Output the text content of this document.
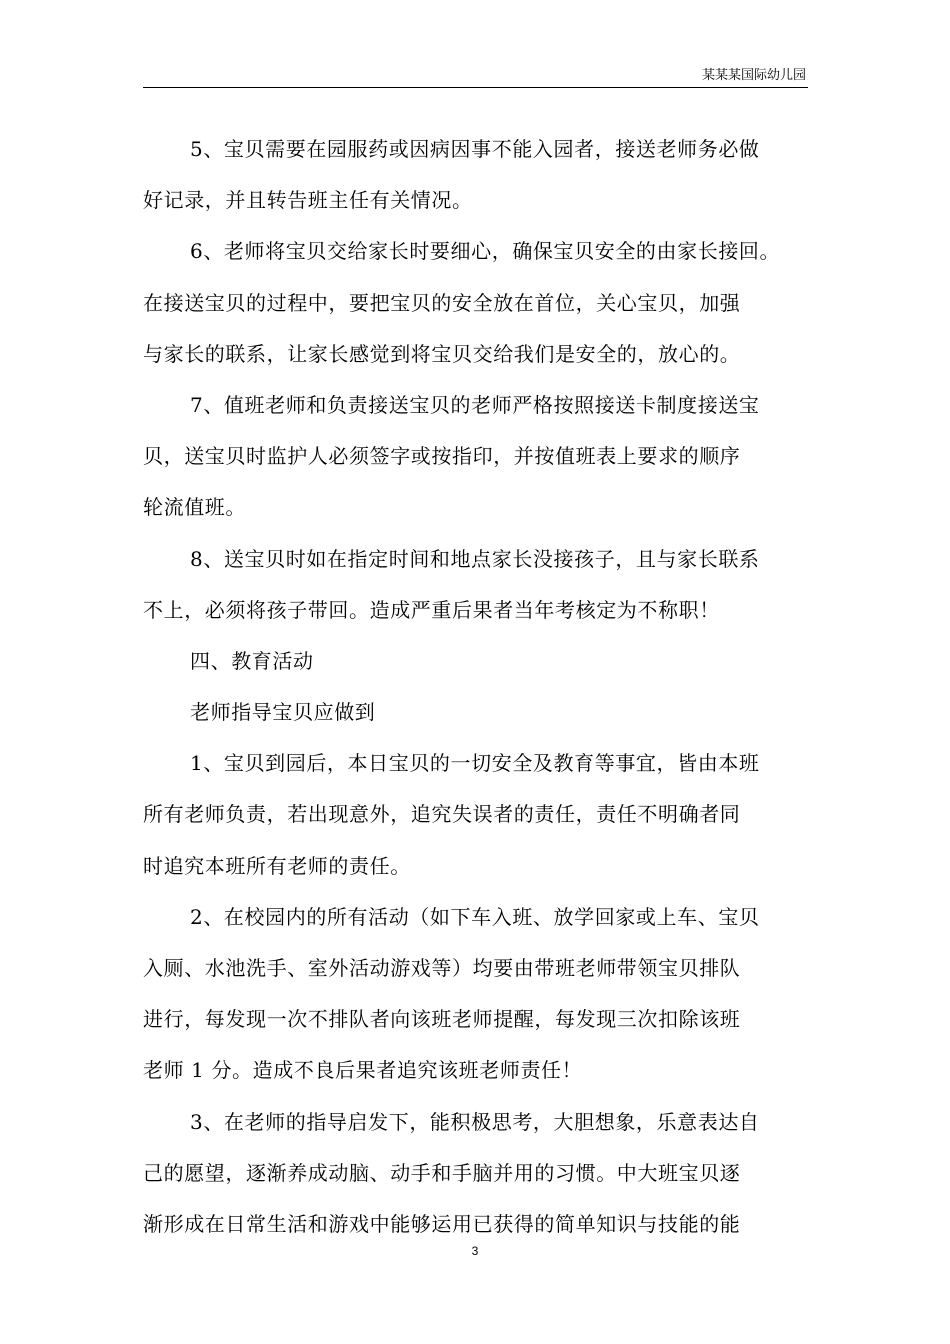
某某某国际幼儿园
5、宝贝需要在园服药或因病因事不能入园者，接送老师务必做
好记录，并且转告班主任有关情况。
6、老师将宝贝交给家长时要细心，确保宝贝安全的由家长接回。
在接送宝贝的过程中，要把宝贝的安全放在首位，关心宝贝，加强
与家长的联系，让家长感觉到将宝贝交给我们是安全的，放心的。
7、值班老师和负责接送宝贝的老师严格按照接送卡制度接送宝
贝，送宝贝时监护人必须签字或按指印，并按值班表上要求的顺序
轮流值班。
8、送宝贝时如在指定时间和地点家长没接孩子，且与家长联系
不上，必须将孩子带回。造成严重后果者当年考核定为不称职！
四、教育活动
老师指导宝贝应做到
1、宝贝到园后，本日宝贝的一切安全及教育等事宜，皆由本班
所有老师负责，若出现意外，追究失误者的责任，责任不明确者同
时追究本班所有老师的责任。
2、在校园内的所有活动（如下车入班、放学回家或上车、宝贝
入厕、水池洗手、室外活动游戏等）均要由带班老师带领宝贝排队
进行，每发现一次不排队者向该班老师提醒，每发现三次扣除该班
老师 1 分。造成不良后果者追究该班老师责任！
3、在老师的指导启发下，能积极思考，大胆想象，乐意表达自
己的愿望，逐渐养成动脑、动手和手脑并用的习惯。中大班宝贝逐
渐形成在日常生活和游戏中能够运用已获得的简单知识与技能的能
3
